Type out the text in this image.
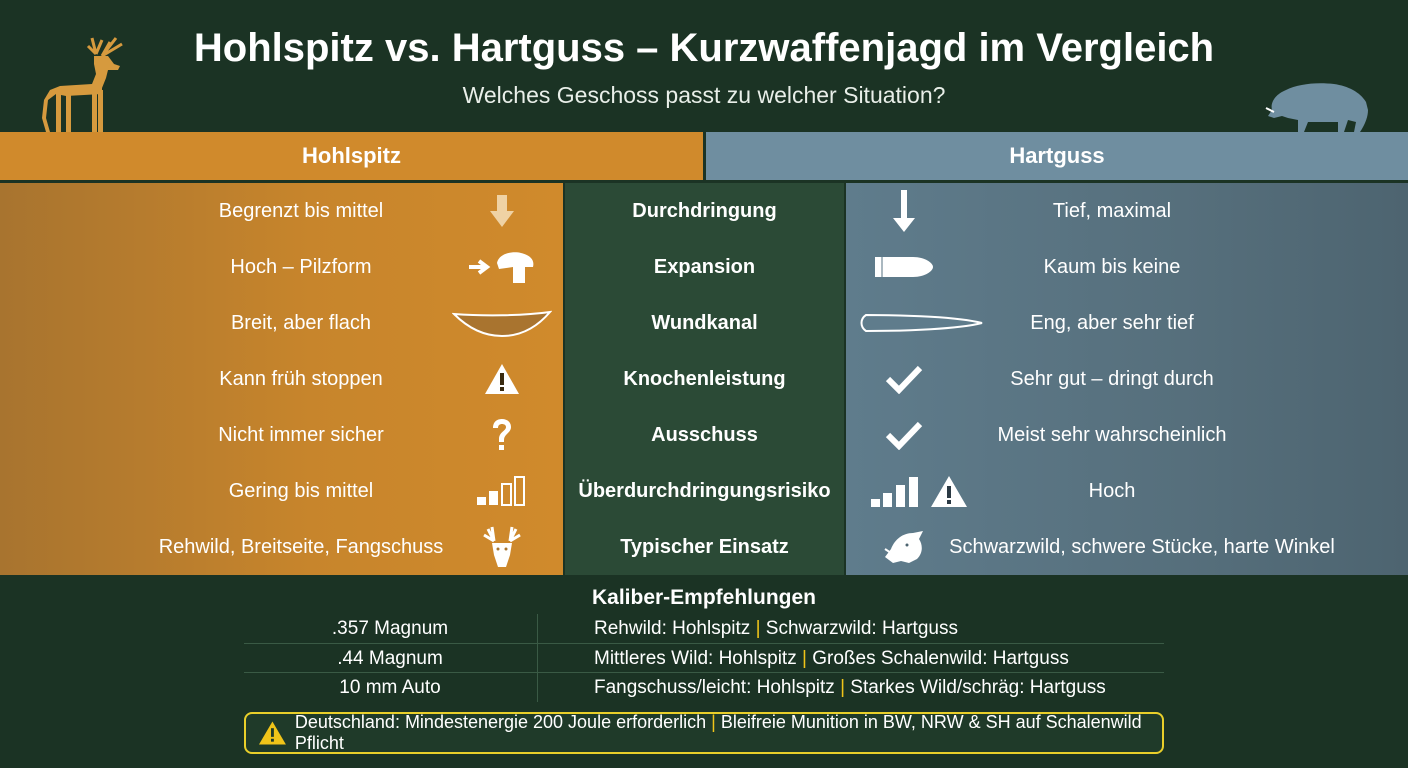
Hohlspitz vs. Hartguss – Kurzwaffenjagd im Vergleich
Welches Geschoss passt zu welcher Situation?
Hohlspitz	Hartguss
Begrenzt bis mittel	Durchdringung	Tief, maximal
Hoch – Pilzform	Expansion	Kaum bis keine
Breit, aber flach	Wundkanal	Eng, aber sehr tief
Kann früh stoppen	Knochenleistung	Sehr gut – dringt durch
Nicht immer sicher	Ausschuss	Meist sehr wahrscheinlich
Gering bis mittel	Überdurchdringungsrisiko	Hoch
Rehwild, Breitseite, Fangschuss	Typischer Einsatz	Schwarzwild, schwere Stücke, harte Winkel
Kaliber-Empfehlungen
.357 Magnum	Rehwild: Hohlspitz | Schwarzwild: Hartguss
.44 Magnum	Mittleres Wild: Hohlspitz | Großes Schalenwild: Hartguss
10 mm Auto	Fangschuss/leicht: Hohlspitz | Starkes Wild/schräg: Hartguss
Deutschland: Mindestenergie 200 Joule erforderlich | Bleifreie Munition in BW, NRW & SH auf Schalenwild Pflicht
